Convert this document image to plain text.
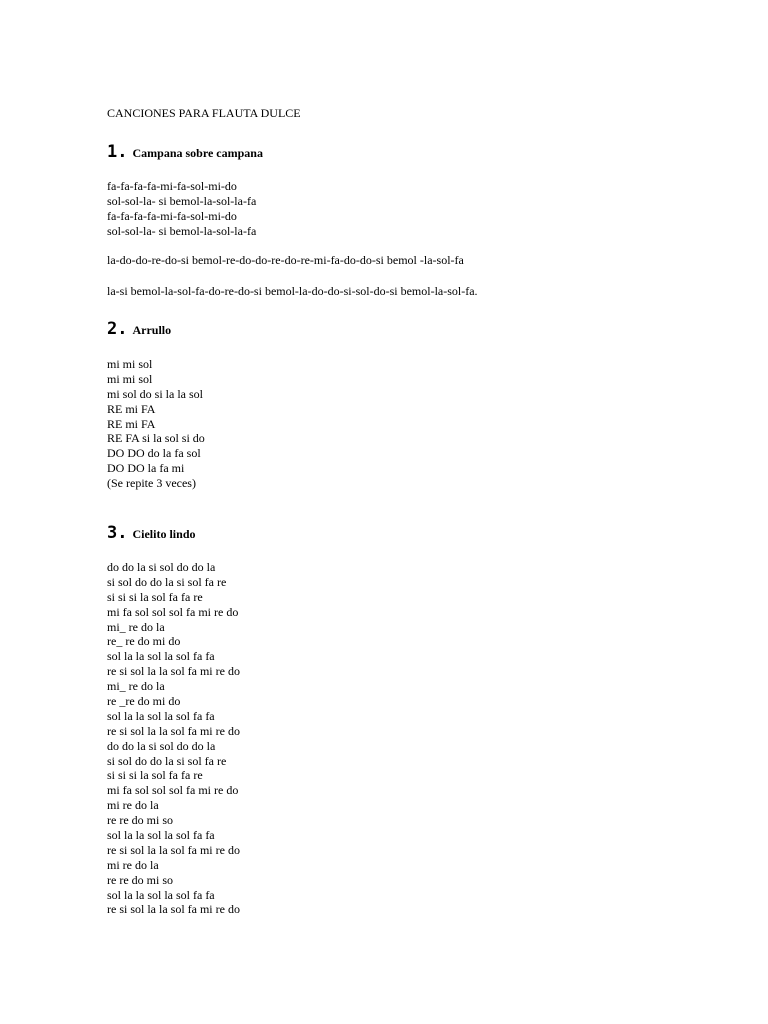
CANCIONES PARA FLAUTA DULCE
1. Campana sobre campana
fa-fa-fa-fa-mi-fa-sol-mi-do
sol-sol-la- si bemol-la-sol-la-fa
fa-fa-fa-fa-mi-fa-sol-mi-do
sol-sol-la- si bemol-la-sol-la-fa
la-do-do-re-do-si bemol-re-do-do-re-do-re-mi-fa-do-do-si bemol -la-sol-fa
la-si bemol-la-sol-fa-do-re-do-si bemol-la-do-do-si-sol-do-si bemol-la-sol-fa.
2. Arrullo
mi mi sol
mi mi sol
mi sol do si la la sol
RE mi FA
RE mi FA
RE FA si la sol si do
DO DO do la fa sol
DO DO la fa mi
(Se repite 3 veces)
3. Cielito lindo
do do la si sol do do la
si sol do do la si sol fa re
si si si la sol fa fa re
mi fa sol sol sol fa mi re do
mi_ re do la
re_ re do mi do
sol la la sol la sol fa fa
re si sol la la sol fa mi re do
mi_ re do la
re _re do mi do
sol la la sol la sol fa fa
re si sol la la sol fa mi re do
do do la si sol do do la
si sol do do la si sol fa re
si si si la sol fa fa re
mi fa sol sol sol fa mi re do
mi re do la
re re do mi so
sol la la sol la sol fa fa
re si sol la la sol fa mi re do
mi re do la
re re do mi so
sol la la sol la sol fa fa
re si sol la la sol fa mi re do
